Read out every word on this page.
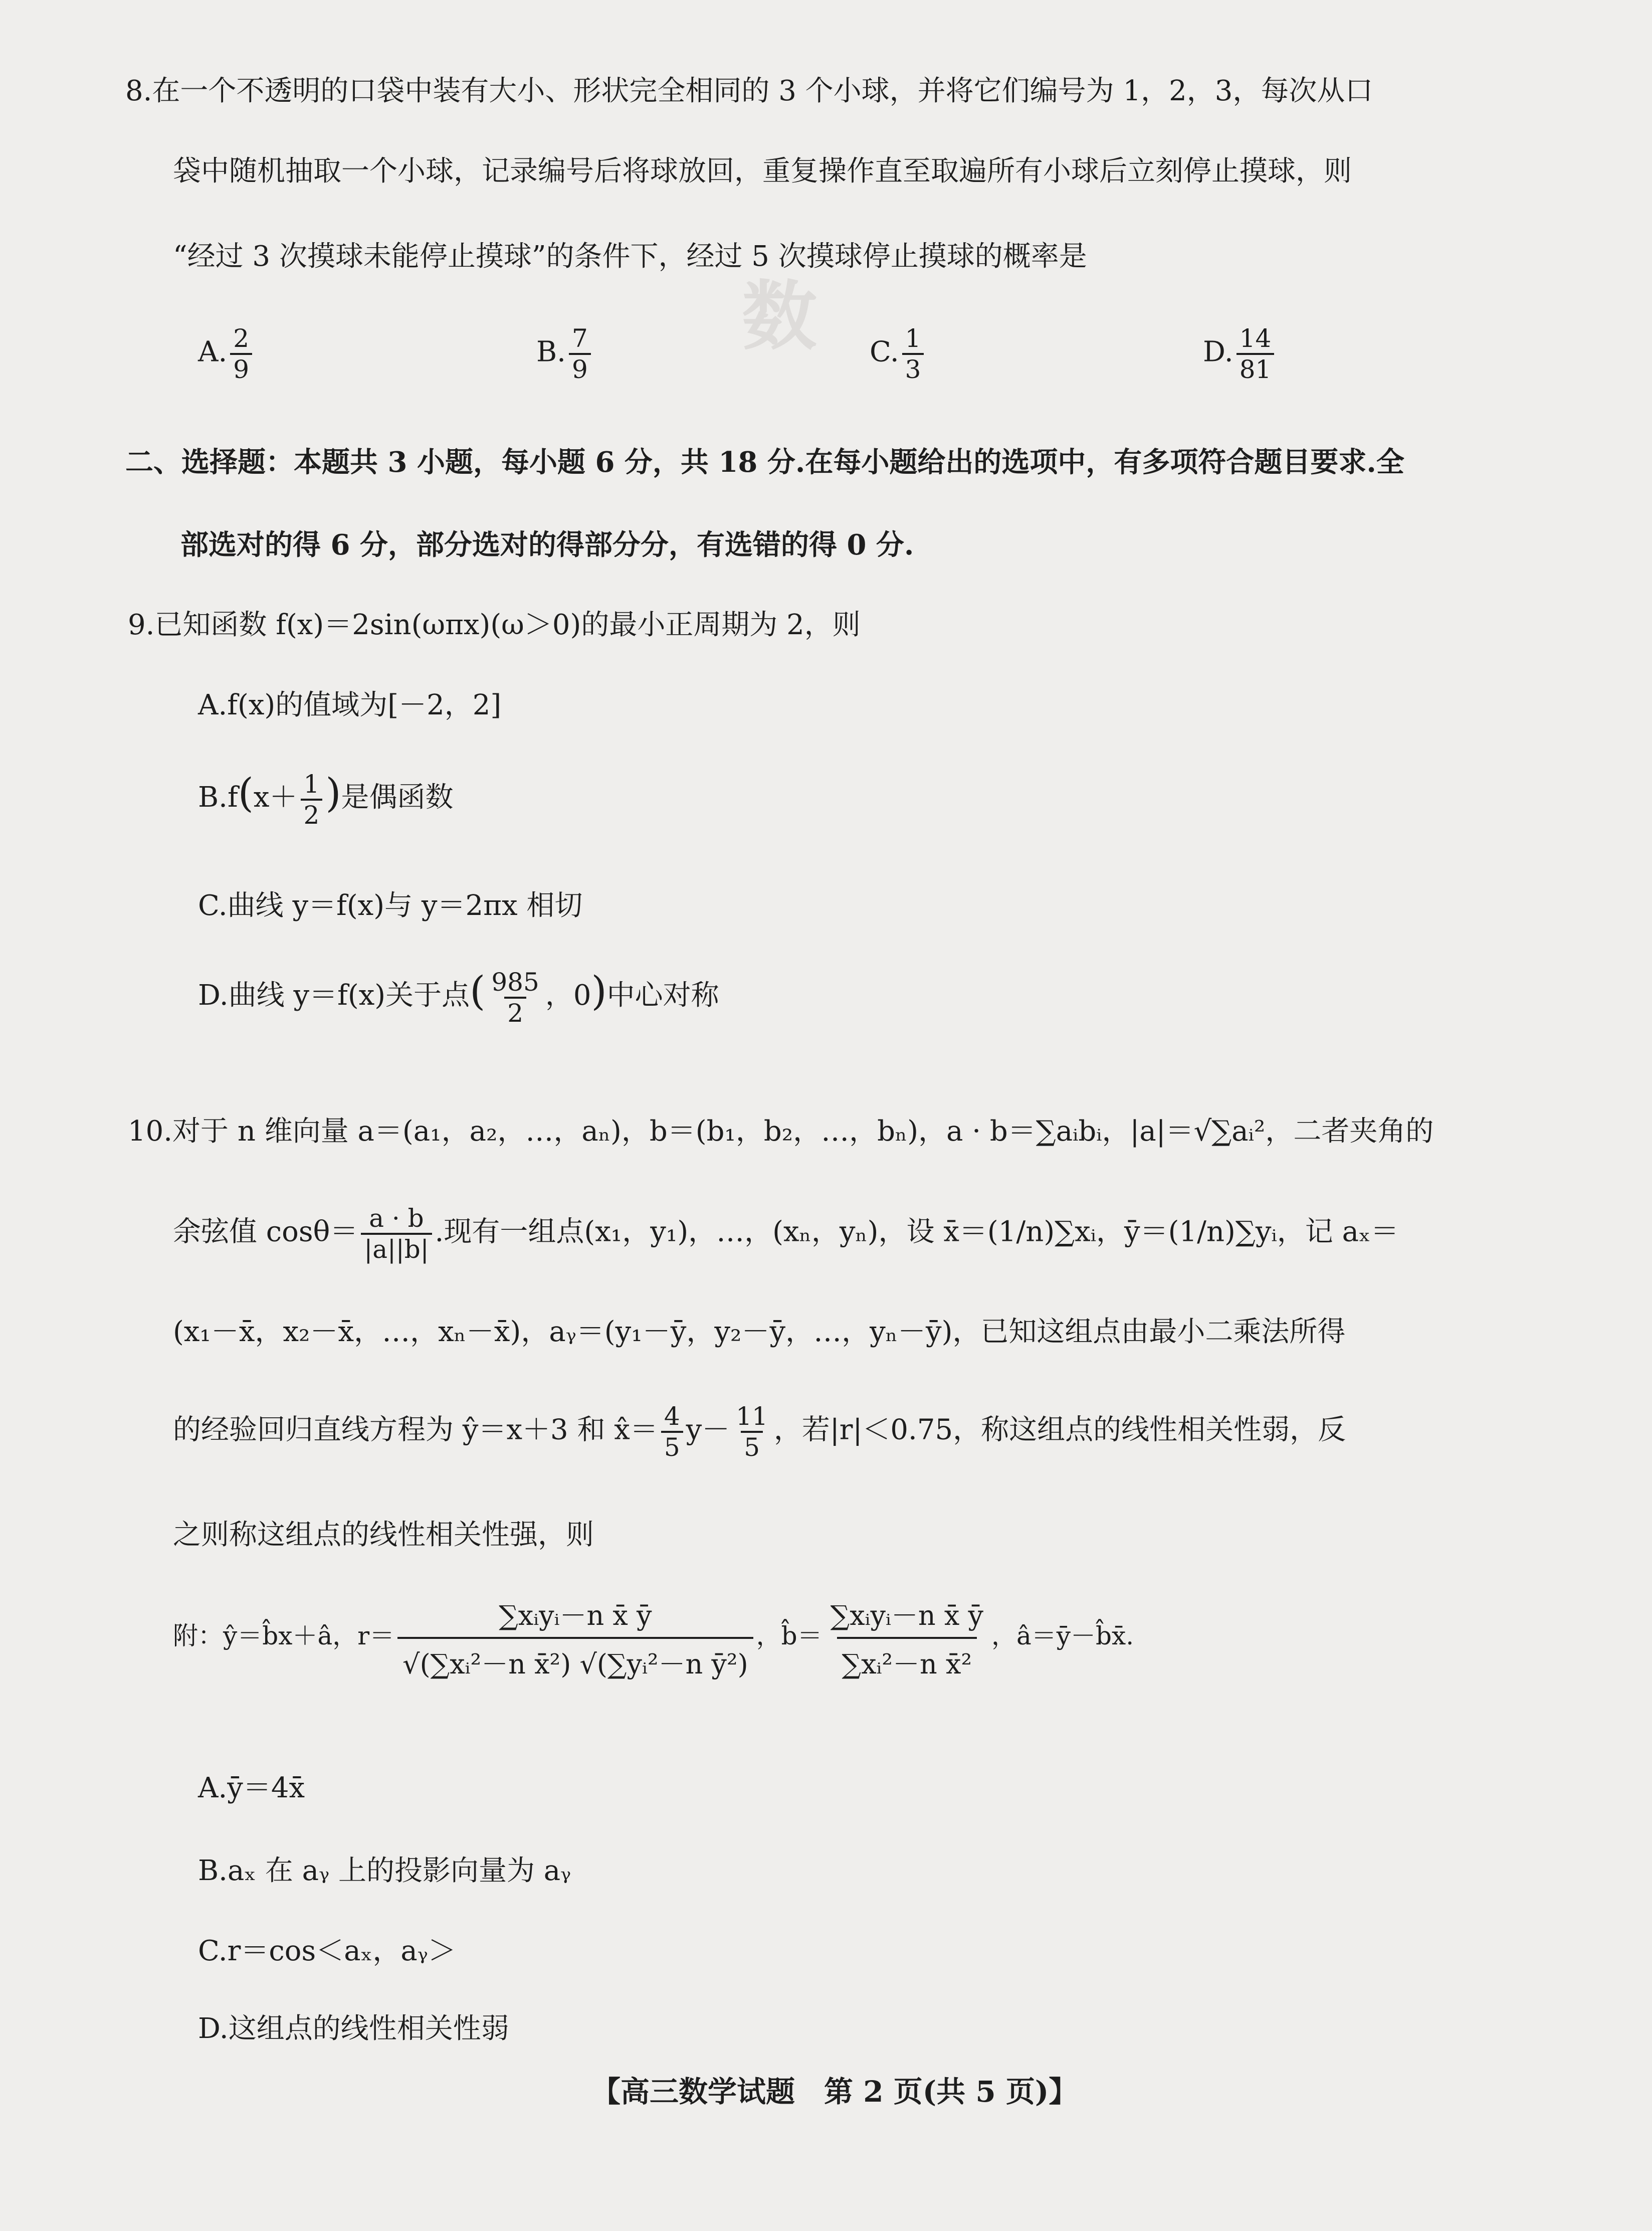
数
8.在一个不透明的口袋中装有大小、形状完全相同的 3 个小球，并将它们编号为 1，2，3，每次从口
袋中随机抽取一个小球，记录编号后将球放回，重复操作直至取遍所有小球后立刻停止摸球，则
“经过 3 次摸球未能停止摸球”的条件下，经过 5 次摸球停止摸球的概率是
A. $\frac{2}{9}$	B. $\frac{7}{9}$	C. $\frac{1}{3}$	D. $\frac{14}{81}$
二、选择题：本题共 3 小题，每小题 6 分，共 18 分.在每小题给出的选项中，有多项符合题目要求.全
部选对的得 6 分，部分选对的得部分分，有选错的得 0 分.
9.已知函数 f(x)＝2sin(ωπx)(ω＞0)的最小正周期为 2，则
A.f(x)的值域为[－2，2]
$B.f(x+ \frac{1}{2}$ )是偶函数
C.曲线 y＝f(x)与 y＝2πx 相切
D.曲线 y＝f(x)关于点( $\frac{985}{2}$ ，0)中心对称
10.对于 n 维向量 a＝(a₁，a₂，…，aₙ)，b＝(b₁，b₂，…，bₙ)，a · b＝∑aᵢbᵢ，|a|＝√∑aᵢ²，二者夹角的
余弦值 $\cos\theta= \frac{a \cdot b}{|a||b|}$ .现有一组点(x₁，y₁)，…，(xₙ，yₙ)，设 x̄＝(1/n)∑xᵢ，ȳ＝(1/n)∑yᵢ，记 aₓ＝
(x₁－x̄，x₂－x̄，…，xₙ－x̄)，aᵧ＝(y₁－ȳ，y₂－ȳ，…，yₙ－ȳ)，已知这组点由最小二乘法所得
的经验回归直线方程为 ŷ＝x＋3 和 x̂＝ $\frac{4}{5} y- \frac{11}{5}$ ，若|r|＜0.75，称这组点的线性相关性弱，反
之则称这组点的线性相关性强，则
附：ŷ＝b̂x＋â，$r= \frac{\text{∑xᵢyᵢ－n x̄ ȳ}}{\text{√(∑xᵢ²－n x̄²) √(∑yᵢ²－n ȳ²)}}$ ，b̂＝ $\frac{\text{∑xᵢyᵢ－n x̄ ȳ}}{\text{∑xᵢ²－n x̄²}}$ ，â＝ȳ－b̂x̄.
A.ȳ＝4x̄
B.aₓ 在 aᵧ 上的投影向量为 aᵧ
C.r＝cos＜aₓ，aᵧ＞
D.这组点的线性相关性弱
【高三数学试题　第 2 页(共 5 页)】
